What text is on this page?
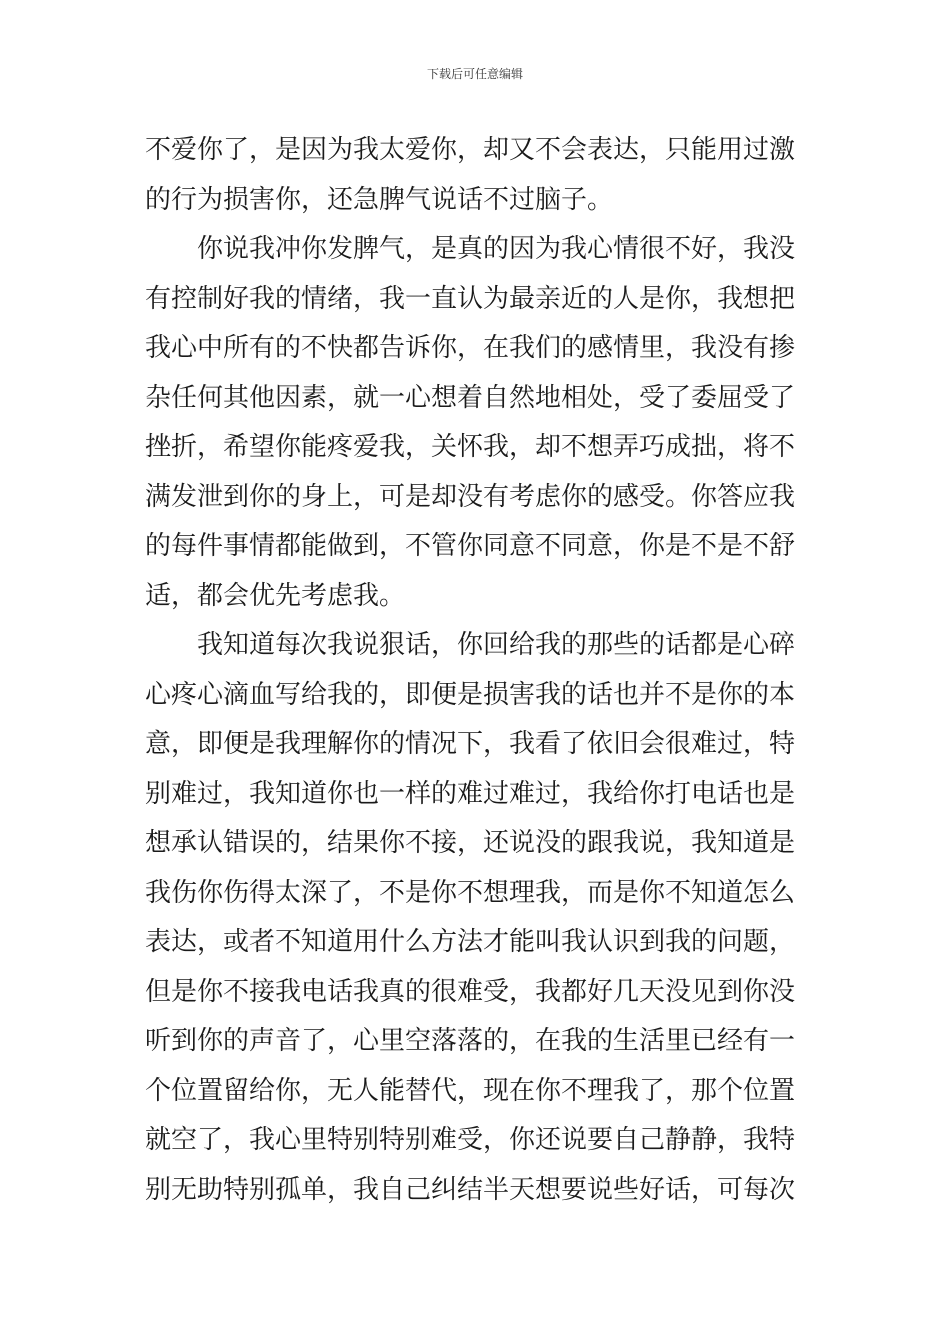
下载后可任意编辑
不爱你了，是因为我太爱你，却又不会表达，只能用过激
的行为损害你，还急脾气说话不过脑子。
　　你说我冲你发脾气，是真的因为我心情很不好，我没
有控制好我的情绪，我一直认为最亲近的人是你，我想把
我心中所有的不快都告诉你，在我们的感情里，我没有掺
杂任何其他因素，就一心想着自然地相处，受了委屈受了
挫折，希望你能疼爱我，关怀我，却不想弄巧成拙，将不
满发泄到你的身上，可是却没有考虑你的感受。你答应我
的每件事情都能做到，不管你同意不同意，你是不是不舒
适，都会优先考虑我。
　　我知道每次我说狠话，你回给我的那些的话都是心碎
心疼心滴血写给我的，即便是损害我的话也并不是你的本
意，即便是我理解你的情况下，我看了依旧会很难过，特
别难过，我知道你也一样的难过难过，我给你打电话也是
想承认错误的，结果你不接，还说没的跟我说，我知道是
我伤你伤得太深了，不是你不想理我，而是你不知道怎么
表达，或者不知道用什么方法才能叫我认识到我的问题，
但是你不接我电话我真的很难受，我都好几天没见到你没
听到你的声音了，心里空落落的，在我的生活里已经有一
个位置留给你，无人能替代，现在你不理我了，那个位置
就空了，我心里特别特别难受，你还说要自己静静，我特
别无助特别孤单，我自己纠结半天想要说些好话，可每次
